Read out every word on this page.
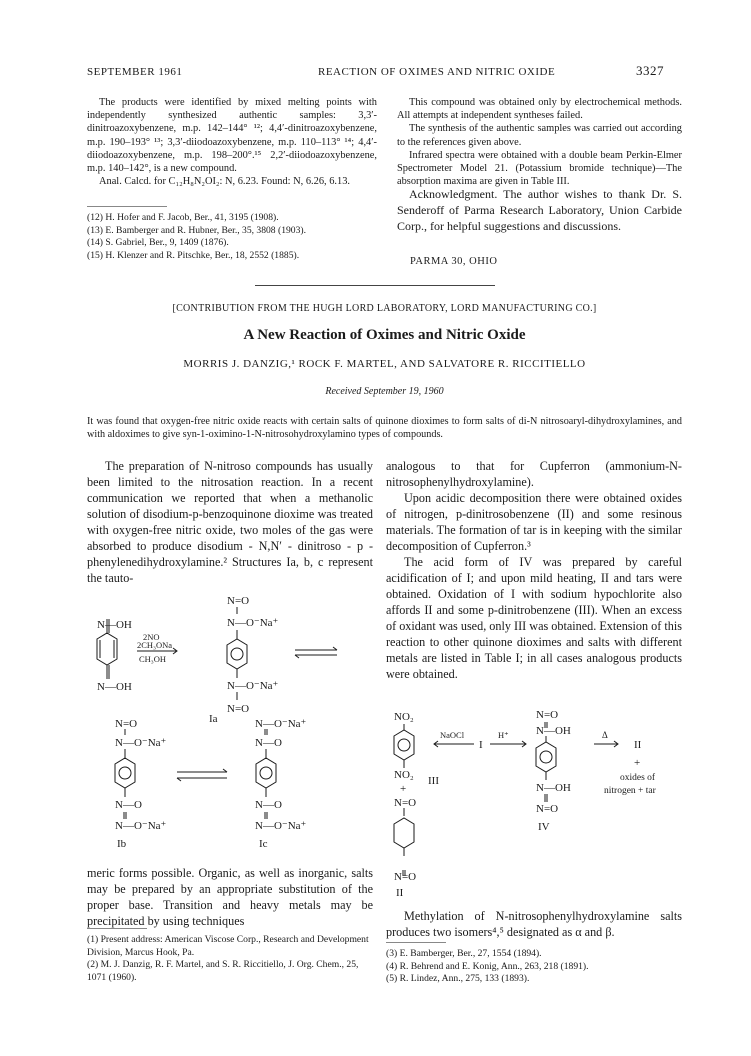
SEPTEMBER 1961	REACTION OF OXIMES AND NITRIC OXIDE	3327

The products were identified by mixed melting points with independently synthesized authentic samples: 3,3′-dinitroazoxybenzene, m.p. 142–144° ¹²; 4,4′-dinitroazoxybenzene, m.p. 190–193° ¹³; 3,3′-diiodoazoxybenzene, m.p. 110–113° ¹⁴; 4,4′-diiodoazoxybenzene, m.p. 198–200°.¹⁵ 2,2′-diiodoazoxybenzene, m.p. 140–142°, is a new compound.

Anal. Calcd. for C₁₂H₈N₂OI₂: N, 6.23. Found: N, 6.26, 6.13.

(12) H. Hofer and F. Jacob, Ber., 41, 3195 (1908).
(13) E. Bamberger and R. Hubner, Ber., 35, 3808 (1903).
(14) S. Gabriel, Ber., 9, 1409 (1876).
(15) H. Klenzer and R. Pitschke, Ber., 18, 2552 (1885).

This compound was obtained only by electrochemical methods. All attempts at independent syntheses failed.

The synthesis of the authentic samples was carried out according to the references given above.

Infrared spectra were obtained with a double beam Perkin-Elmer Spectrometer Model 21. (Potassium bromide technique)—The absorption maxima are given in Table III.

Acknowledgment. The author wishes to thank Dr. S. Senderoff of Parma Research Laboratory, Union Carbide Corp., for helpful suggestions and discussions.
PARMA 30, OHIO
[CONTRIBUTION FROM THE HUGH LORD LABORATORY, LORD MANUFACTURING CO.]
A New Reaction of Oximes and Nitric Oxide
MORRIS J. DANZIG,¹ ROCK F. MARTEL, AND SALVATORE R. RICCITIELLO
Received September 19, 1960
It was found that oxygen-free nitric oxide reacts with certain salts of quinone dioximes to form salts of di-N nitrosoaryl-dihydroxylamines, and with aldoximes to give syn-1-oximino-1-N-nitrosohydroxylamino types of compounds.

The preparation of N-nitroso compounds has usually been limited to the nitrosation reaction. In a recent communication we reported that when a methanolic solution of disodium-p-benzoquinone dioxime was treated with oxygen-free nitric oxide, two moles of the gas were absorbed to produce disodium - N,N′ - dinitroso - p - phenylenedihydroxylamine.² Structures Ia, b, c represent the tauto-

N—OH
N—OH
2NO
2CH₃ONa
CH₃OH
N=O
N—O⁻Na⁺
N—O⁻Na⁺
N=O
Ia
N=O
N—O⁻Na⁺
N—O
N—O⁻Na⁺
Ib
N—O⁻Na⁺
N—O
N—O
N—O⁻Na⁺
Ic

meric forms possible. Organic, as well as inorganic, salts may be prepared by an appropriate substitution of the proper base. Transition and heavy metals may be precipitated by using techniques

(1) Present address: American Viscose Corp., Research and Development Division, Marcus Hook, Pa.
(2) M. J. Danzig, R. F. Martel, and S. R. Riccitiello, J. Org. Chem., 25, 1071 (1960).

analogous to that for Cupferron (ammonium-N-nitrosophenylhydroxylamine).

Upon acidic decomposition there were obtained oxides of nitrogen, p-dinitrosobenzene (II) and some resinous materials. The formation of tar is in keeping with the similar decomposition of Cupferron.³

The acid form of IV was prepared by careful acidification of I; and upon mild heating, II and tars were obtained. Oxidation of I with sodium hypochlorite also affords II and some p-dinitrobenzene (III). When an excess of oxidant was used, only III was obtained. Extension of this reaction to other quinone dioximes and salts with different metals are listed in Table I; in all cases analogous products were obtained.

NO₂
NO₂ III
+
N=O
N=O
II
NaOCl
I
H⁺
N=O
N—OH
N—OH
N=O
IV
Δ
II
+
oxides of
nitrogen + tar

Methylation of N-nitrosophenylhydroxylamine salts produces two isomers⁴,⁵ designated as α and β.

(3) E. Bamberger, Ber., 27, 1554 (1894).
(4) R. Behrend and E. Konig, Ann., 263, 218 (1891).
(5) R. Lindez, Ann., 275, 133 (1893).
